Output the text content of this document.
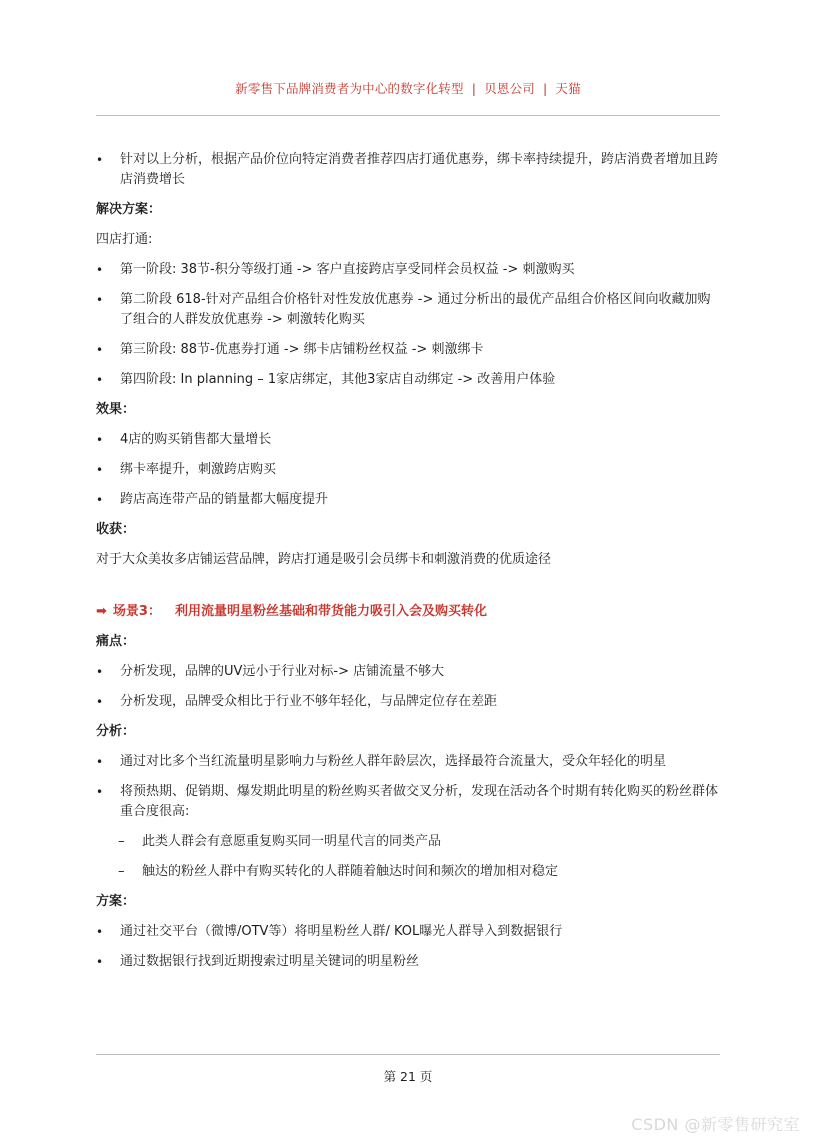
新零售下品牌消费者为中心的数字化转型 | 贝恩公司 | 天猫
• 针对以上分析，根据产品价位向特定消费者推荐四店打通优惠券，绑卡率持续提升，跨店消费者增加且跨店消费增长
解决方案：
四店打通:
• 第一阶段: 38节-积分等级打通 -> 客户直接跨店享受同样会员权益 -> 刺激购买
• 第二阶段 618-针对产品组合价格针对性发放优惠券 -> 通过分析出的最优产品组合价格区间向收藏加购了组合的人群发放优惠券 -> 刺激转化购买
• 第三阶段: 88节-优惠券打通 -> 绑卡店铺粉丝权益 -> 刺激绑卡
• 第四阶段: In planning – 1家店绑定，其他3家店自动绑定 -> 改善用户体验
效果：
• 4店的购买销售都大量增长
• 绑卡率提升，刺激跨店购买
• 跨店高连带产品的销量都大幅度提升
收获：
对于大众美妆多店铺运营品牌，跨店打通是吸引会员绑卡和刺激消费的优质途径
➡ 场景3： 利用流量明星粉丝基础和带货能力吸引入会及购买转化
痛点：
• 分析发现，品牌的UV远小于行业对标-> 店铺流量不够大
• 分析发现，品牌受众相比于行业不够年轻化，与品牌定位存在差距
分析：
• 通过对比多个当红流量明星影响力与粉丝人群年龄层次，选择最符合流量大，受众年轻化的明星
• 将预热期、促销期、爆发期此明星的粉丝购买者做交叉分析，发现在活动各个时期有转化购买的粉丝群体重合度很高:
– 此类人群会有意愿重复购买同一明星代言的同类产品
– 触达的粉丝人群中有购买转化的人群随着触达时间和频次的增加相对稳定
方案：
• 通过社交平台（微博/OTV等）将明星粉丝人群/ KOL曝光人群导入到数据银行
• 通过数据银行找到近期搜索过明星关键词的明星粉丝
第 21 页
CSDN @新零售研究室
